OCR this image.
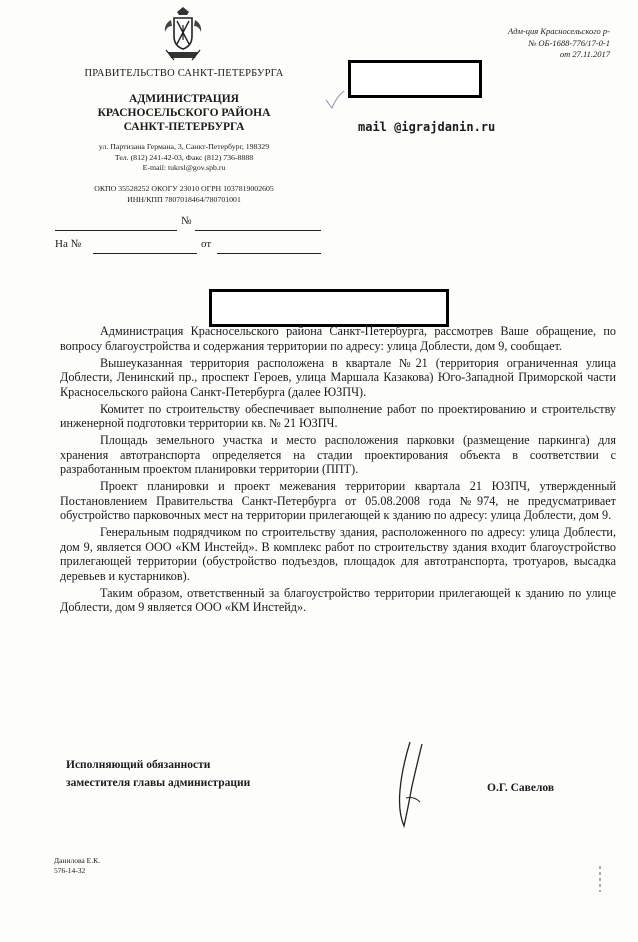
ПРАВИТЕЛЬСТВО САНКТ-ПЕТЕРБУРГА
АДМИНИСТРАЦИЯ
КРАСНОСЕЛЬСКОГО РАЙОНА
САНКТ-ПЕТЕРБУРГА
ул. Партизана Германа, 3, Санкт-Петербург, 198329
Тел. (812) 241-42-03, Факс (812) 736-8888
E-mail: tukrsl@gov.spb.ru
ОКПО 35528252 ОКОГУ 23010 ОГРН 1037819002605
ИНН/КПП 7807018464/780701001
№
На №	от
Адм-ция Красносельского р-
№ ОБ-1688-776/17-0-1
от 27.11.2017
mail @igrajdanin.ru

Администрация Красносельского района Санкт-Петербурга, рассмотрев Ваше обращение, по вопросу благоустройства и содержания территории по адресу: улица Доблести, дом 9, сообщает.

Вышеуказанная территория расположена в квартале №21 (территория ограниченная улица Доблести, Ленинский пр., проспект Героев, улица Маршала Казакова) Юго-Западной Приморской части Красносельского района Санкт-Петербурга (далее ЮЗПЧ).

Комитет по строительству обеспечивает выполнение работ по проектированию и строительству инженерной подготовки территории кв. № 21 ЮЗПЧ.

Площадь земельного участка и место расположения парковки (размещение паркинга) для хранения автотранспорта определяется на стадии проектирования объекта в соответствии с разработанным проектом планировки территории (ППТ).

Проект планировки и проект межевания территории квартала 21 ЮЗПЧ, утвержденный Постановлением Правительства Санкт-Петербурга от 05.08.2008 года №974, не предусматривает обустройство парковочных мест на территории прилегающей к зданию по адресу: улица Доблести, дом 9.

Генеральным подрядчиком по строительству здания, расположенного по адресу: улица Доблести, дом 9, является ООО «КМ Инстейд». В комплекс работ по строительству здания входит благоустройство прилегающей территории (обустройство подъездов, площадок для автотранспорта, тротуаров, высадка деревьев и кустарников).

Таким образом, ответственный за благоустройство территории прилегающей к зданию по улице Доблести, дом 9 является ООО «КМ Инстейд».

Исполняющий обязанности
заместителя главы администрации	О.Г. Савелов
Данилова Е.К.
576-14-32
